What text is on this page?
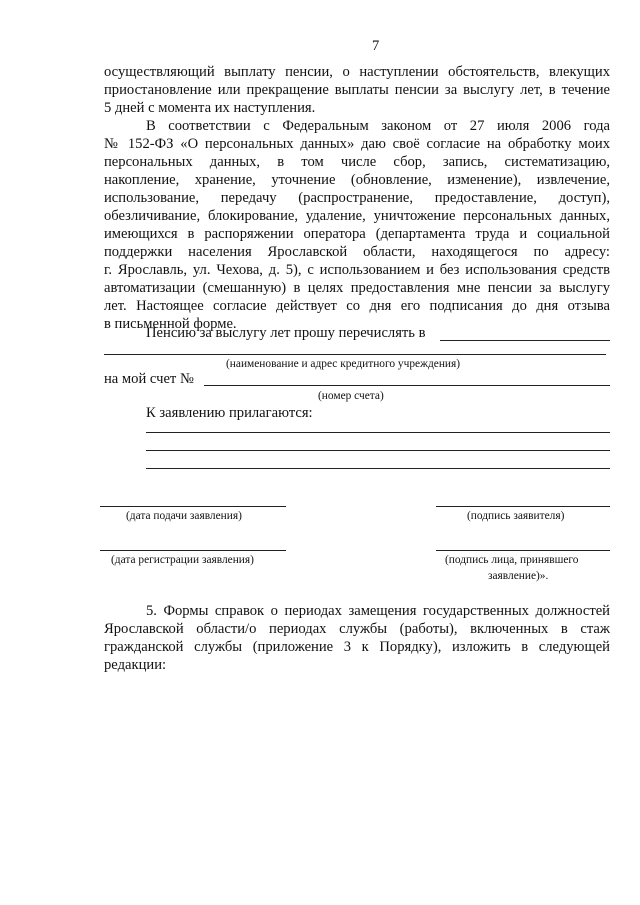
7
осуществляющий выплату пенсии, о наступлении обстоятельств, влекущих
приостановление или прекращение выплаты пенсии за выслугу лет, в течение
5 дней с момента их наступления.
В соответствии с Федеральным законом от 27 июля 2006 года
№ 152-ФЗ «О персональных данных» даю своё согласие на обработку моих
персональных данных, в том числе сбор, запись, систематизацию,
накопление, хранение, уточнение (обновление, изменение), извлечение,
использование, передачу (распространение, предоставление, доступ),
обезличивание, блокирование, удаление, уничтожение персональных данных,
имеющихся в распоряжении оператора (департамента труда и социальной
поддержки населения Ярославской области, находящегося по адресу:
г. Ярославль, ул. Чехова, д. 5), с использованием и без использования средств
автоматизации (смешанную) в целях предоставления мне пенсии за выслугу
лет. Настоящее согласие действует со дня его подписания до дня отзыва
в письменной форме.
Пенсию за выслугу лет прошу перечислять в
(наименование и адрес кредитного учреждения)
на мой счет №
(номер счета)
К заявлению прилагаются:
(дата подачи заявления)	(подпись заявителя)
(дата регистрации заявления)	(подпись лица, принявшего
заявление)».
5. Формы справок о периодах замещения государственных должностей
Ярославской области/о периодах службы (работы), включенных в стаж
гражданской службы (приложение 3 к Порядку), изложить в следующей
редакции:
